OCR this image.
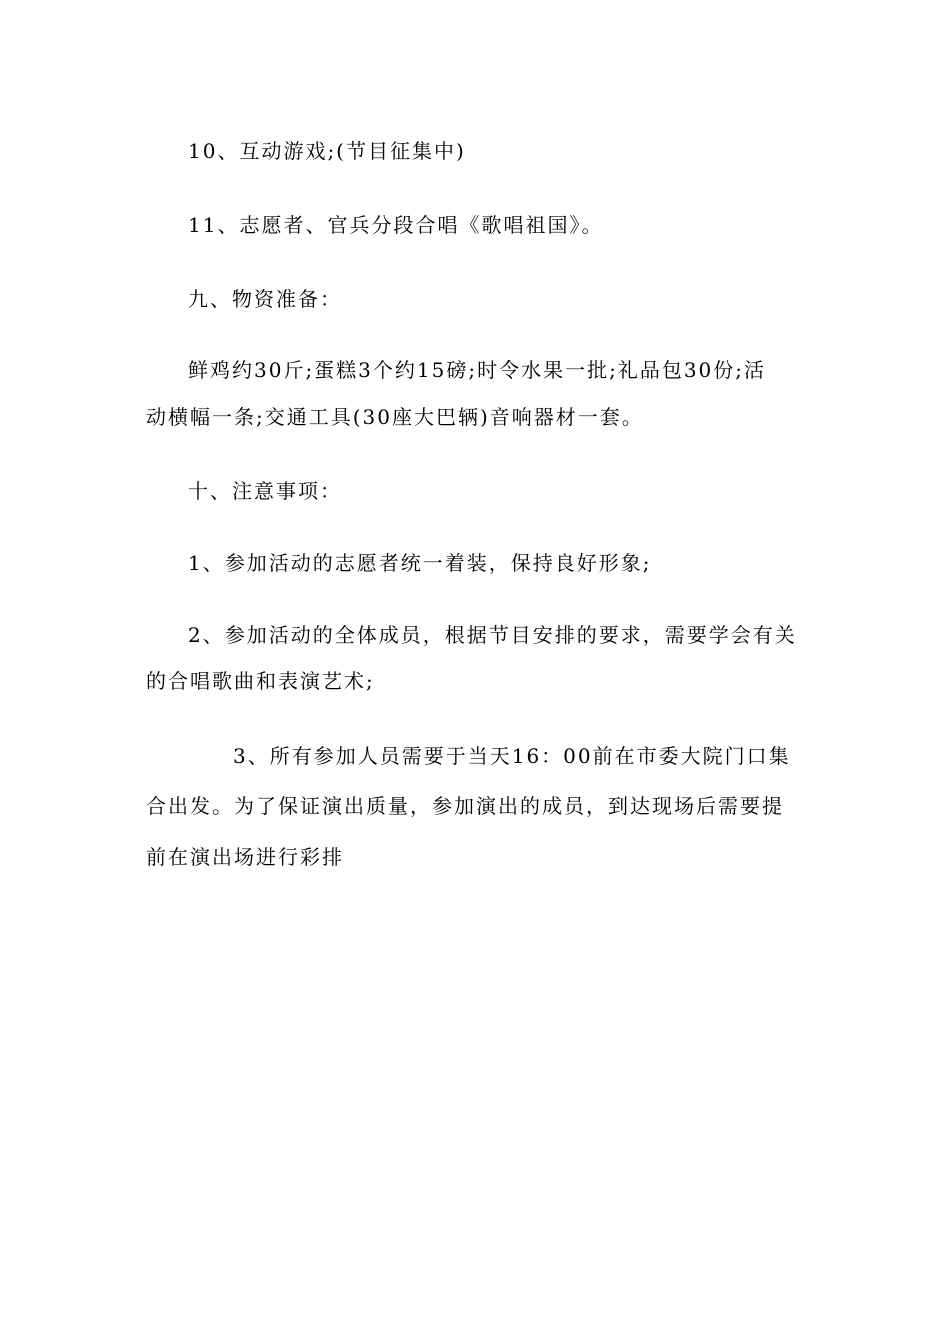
10、互动游戏;(节目征集中)
11、志愿者、官兵分段合唱《歌唱祖国》。
九、物资准备：
鲜鸡约30斤;蛋糕3个约15磅;时令水果一批;礼品包30份;活
动横幅一条;交通工具(30座大巴辆)音响器材一套。
十、注意事项：
1、参加活动的志愿者统一着装，保持良好形象;
2、参加活动的全体成员，根据节目安排的要求，需要学会有关
的合唱歌曲和表演艺术;
3、所有参加人员需要于当天16：00前在市委大院门口集
合出发。为了保证演出质量，参加演出的成员，到达现场后需要提
前在演出场进行彩排
